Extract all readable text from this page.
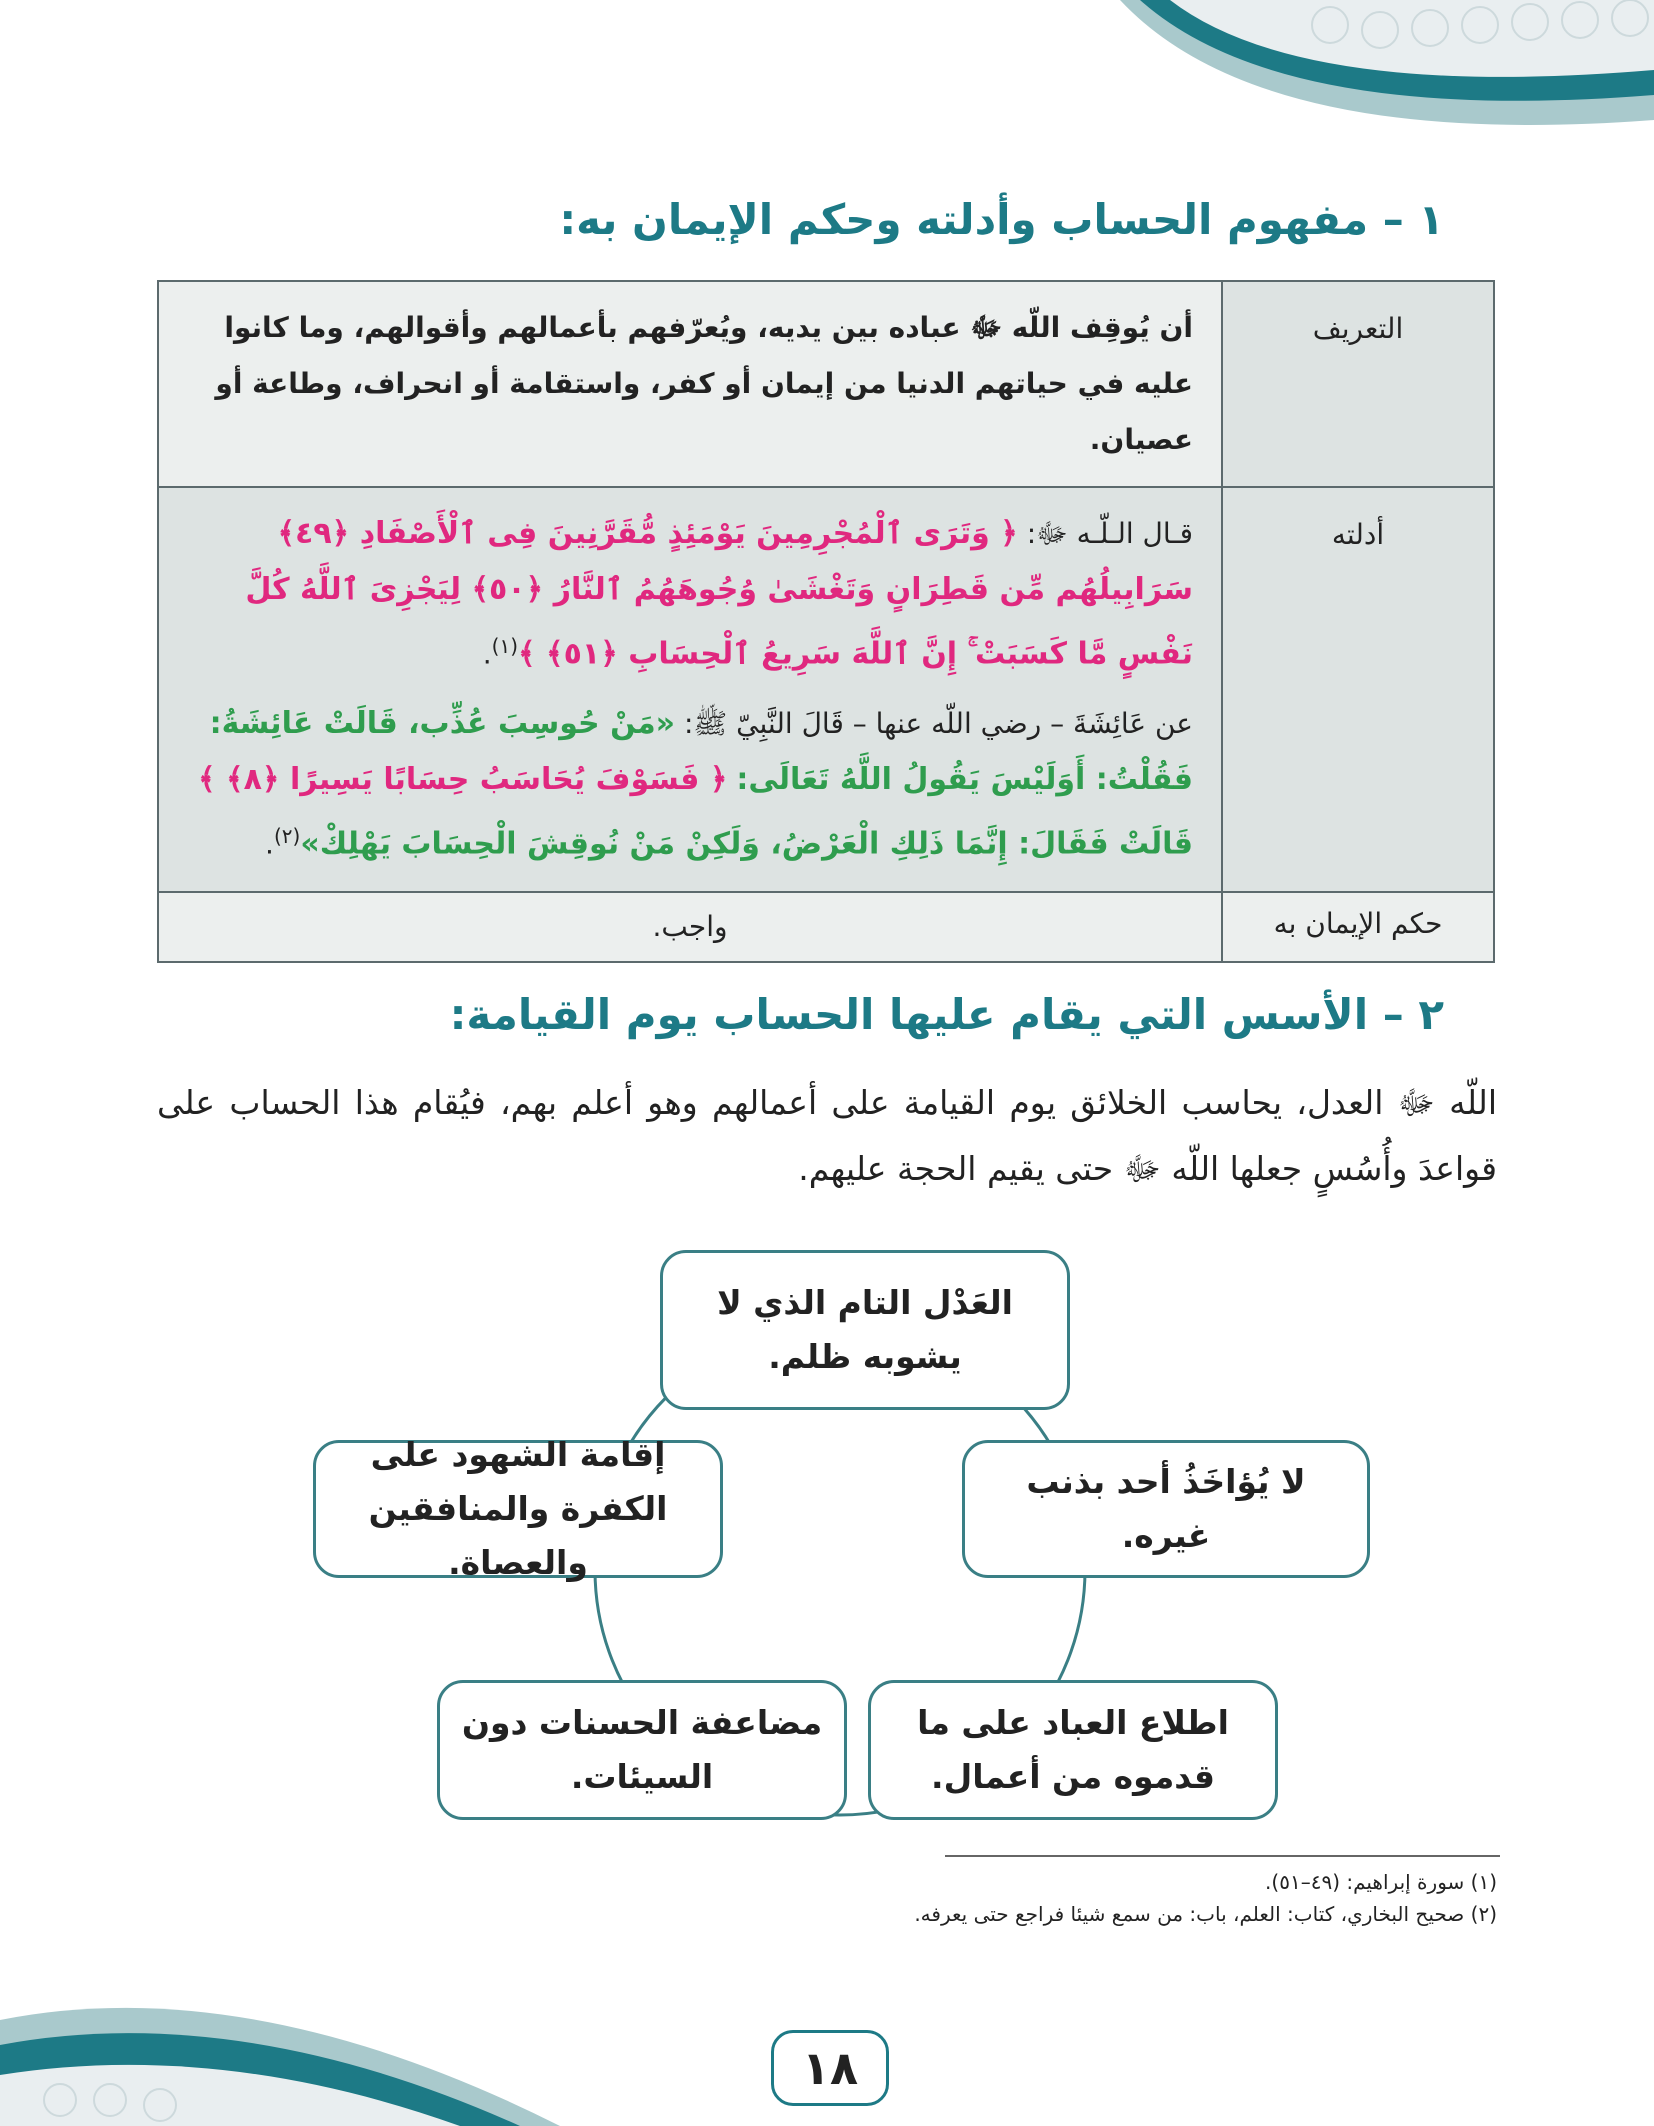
١ – مفهوم الحساب وأدلته وحكم الإيمان به:
التعريف	أن يُوقِف اللّه ﷻ عباده بين يديه، ويُعرّفهم بأعمالهم وأقوالهم، وما كانوا عليه في حياتهم الدنيا من إيمان أو كفر، واستقامة أو انحراف، وطاعة أو عصيان.
أدلته	قـال الـلّـه ﷻ: ﴿ وَتَرَى ٱلْمُجْرِمِينَ يَوْمَئِذٍ مُّقَرَّنِينَ فِى ٱلْأَصْفَادِ ﴿٤٩﴾ سَرَابِيلُهُم مِّن قَطِرَانٍ وَتَغْشَىٰ وُجُوهَهُمُ ٱلنَّارُ ﴿٥٠﴾ لِيَجْزِىَ ٱللَّهُ كُلَّ نَفْسٍ مَّا كَسَبَتْ ۚ إِنَّ ٱللَّهَ سَرِيعُ ٱلْحِسَابِ ﴿٥١﴾ ﴾$^{(١)}$.
عن عَائِشَةَ – رضي اللّه عنها – قَالَ النَّبِيّ ﷺ: «مَنْ حُوسِبَ عُذِّب، قَالَتْ عَائِشَةُ: فَقُلْتُ: أَوَلَيْسَ يَقُولُ اللَّهُ تَعَالَى: ﴿ فَسَوْفَ يُحَاسَبُ حِسَابًا يَسِيرًا ﴿٨﴾ ﴾ قَالَتْ فَقَالَ: إِنَّمَا ذَلِكِ الْعَرْضُ، وَلَكِنْ مَنْ نُوقِشَ الْحِسَابَ يَهْلِكْ»$^{(٢)}$.

حكم الإيمان به	واجب.
٢ – الأسس التي يقام عليها الحساب يوم القيامة:

اللّه ﷻ العدل، يحاسب الخلائق يوم القيامة على أعمالهم وهو أعلم بهم، فيُقام هذا الحساب على قواعدَ وأُسُسٍ جعلها اللّه ﷻ حتى يقيم الحجة عليهم.

العَدْل التام الذي لا يشوبه ظلم.
لا يُؤاخَذُ أحد بذنب غيره.
إقامة الشهود على الكفرة والمنافقين والعصاة.
اطلاع العباد على ما قدموه من أعمال.
مضاعفة الحسنات دون السيئات.

(١) سورة إبراهيم: (٤٩–٥١).

(٢) صحيح البخاري، كتاب: العلم، باب: من سمع شيئا فراجع حتى يعرفه.

١٨
